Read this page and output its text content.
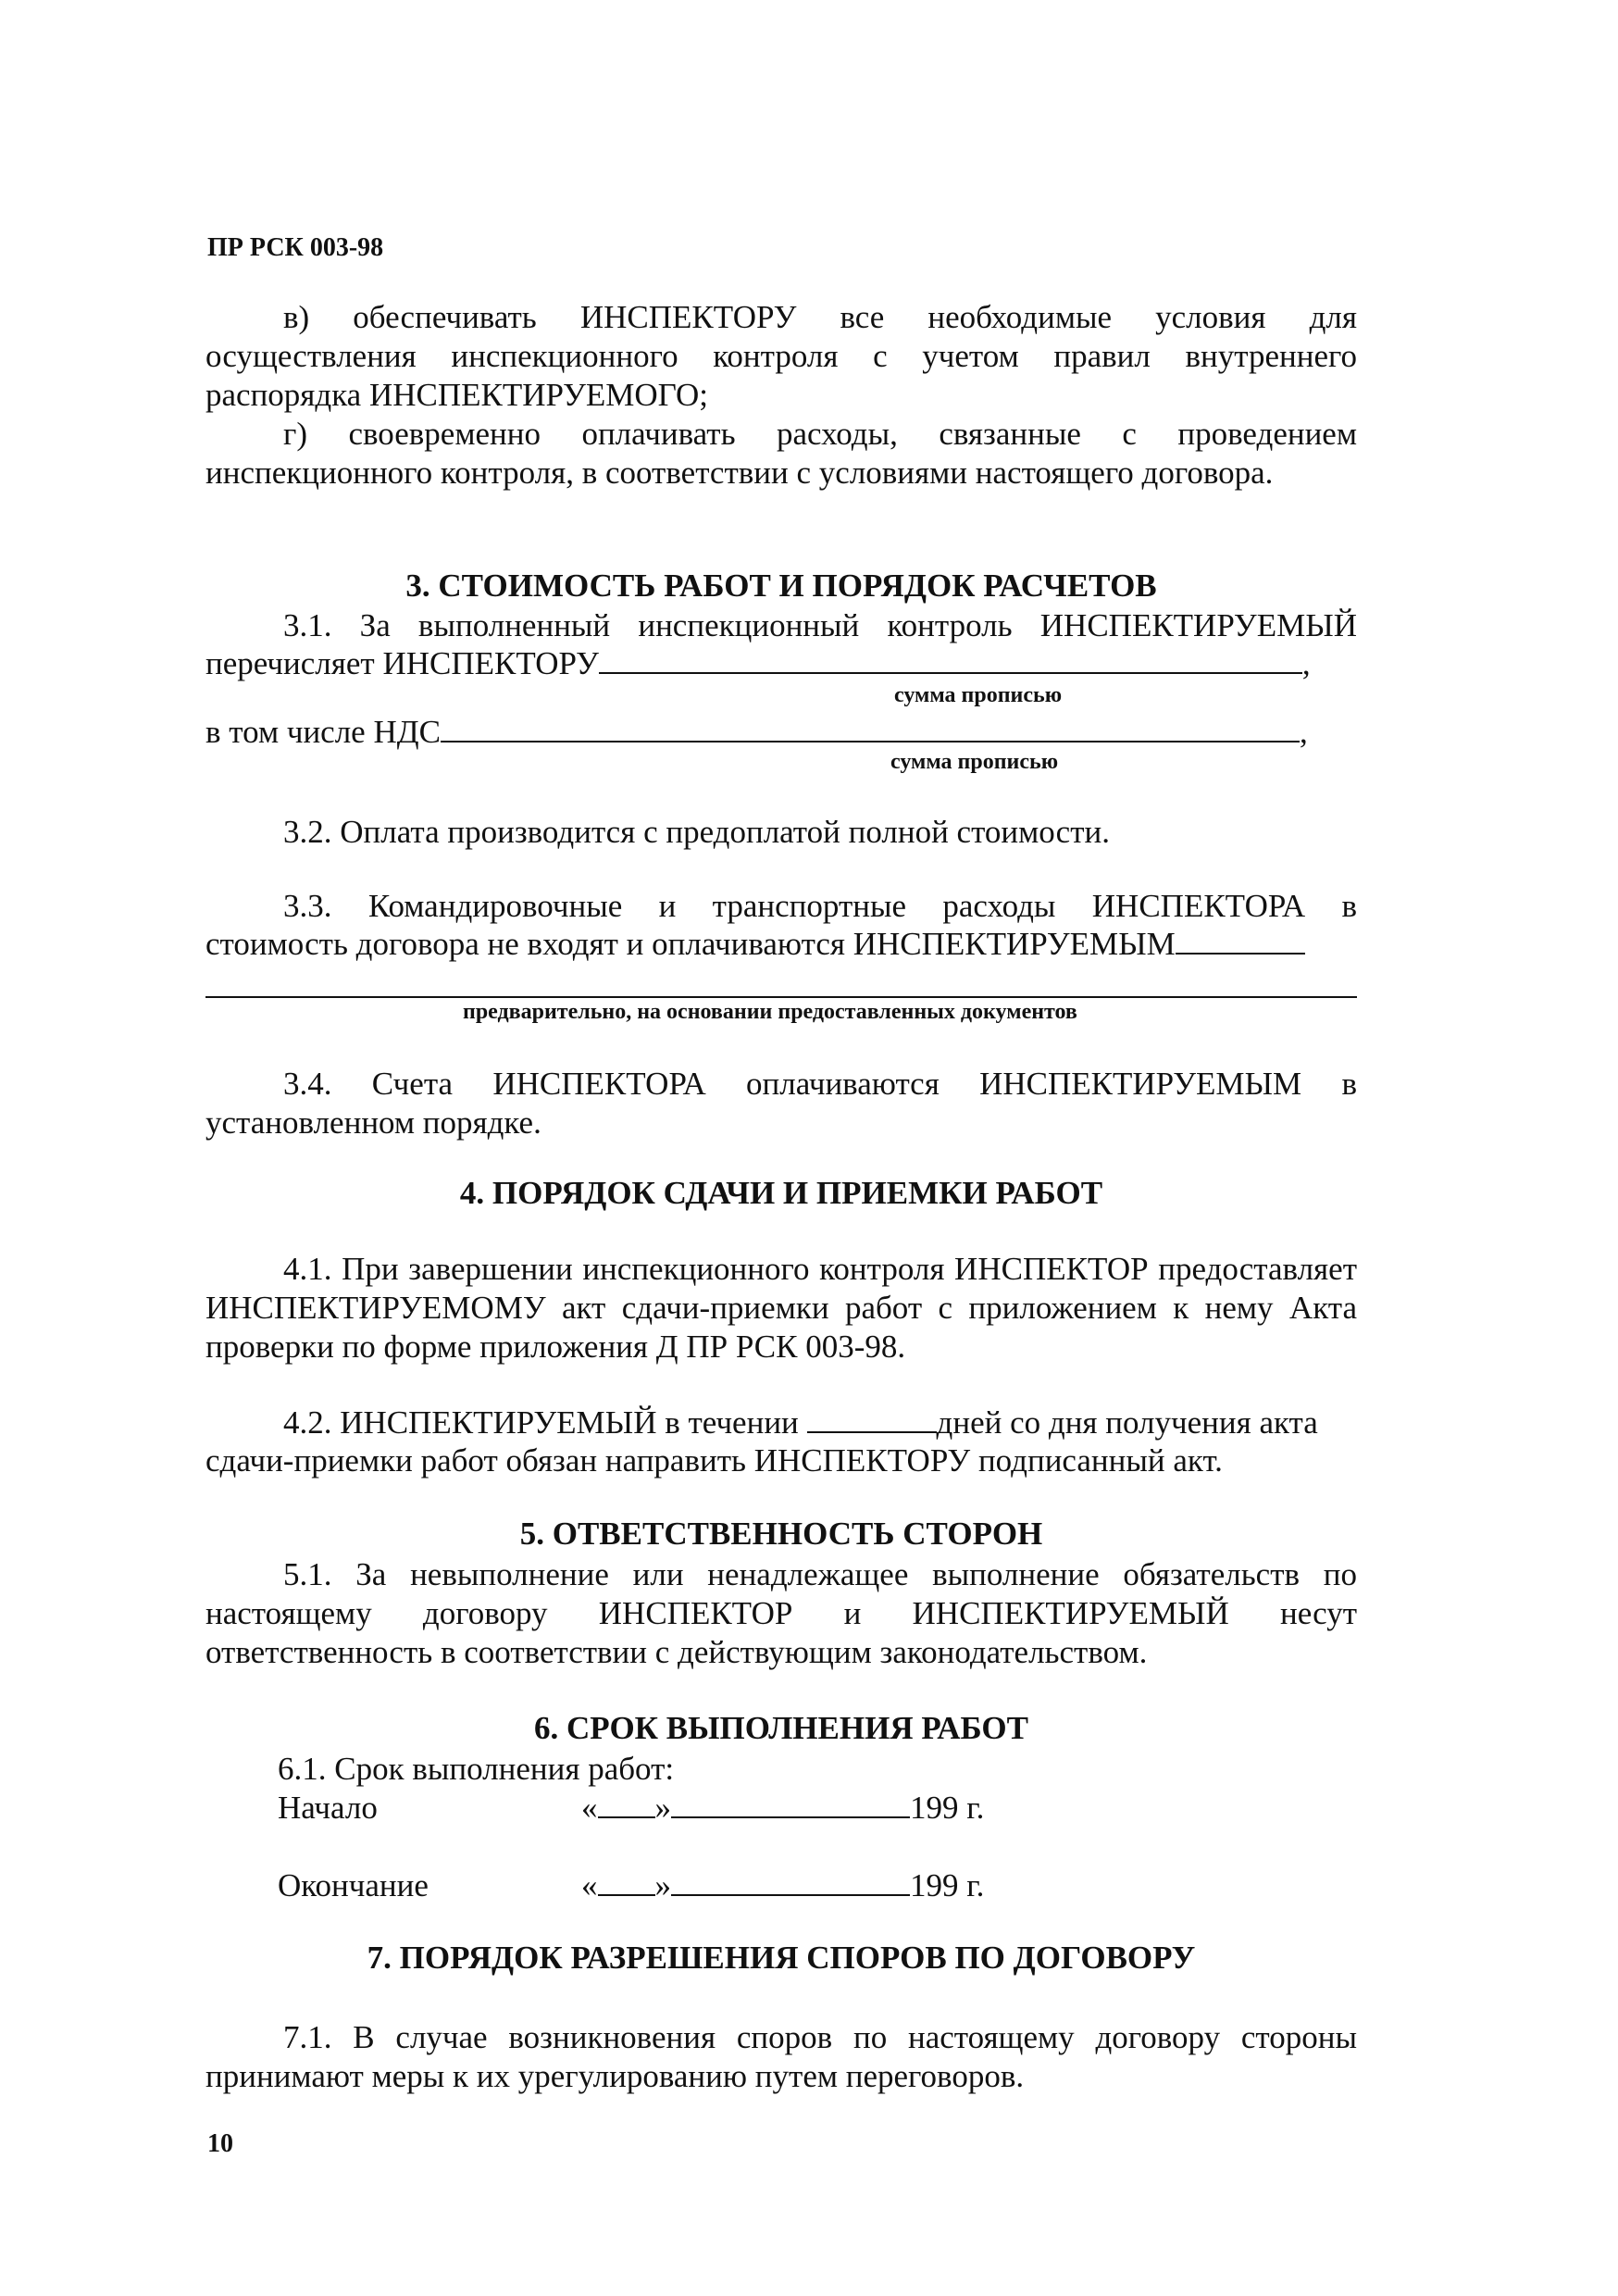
ПР РСК 003-98
в) обеспечивать ИНСПЕКТОРУ все необходимые условия для осуществления инспекционного контроля с учетом правил внутреннего распорядка ИНСПЕКТИРУЕМОГО;
г) своевременно оплачивать расходы, связанные с проведением инспекционного контроля, в соответствии с условиями настоящего договора.
3. СТОИМОСТЬ РАБОТ И ПОРЯДОК РАСЧЕТОВ
3.1. За выполненный инспекционный контроль ИНСПЕКТИРУЕМЫЙ
перечисляет ИНСПЕКТОРУ	,
сумма прописью
в том числе НДС	,
сумма прописью
3.2. Оплата производится с предоплатой полной стоимости.
3.3. Командировочные и транспортные расходы ИНСПЕКТОРА в
стоимость договора не входят и оплачиваются ИНСПЕКТИРУЕМЫМ
предварительно, на основании предоставленных документов
3.4. Счета ИНСПЕКТОРА оплачиваются ИНСПЕКТИРУЕМЫМ в установленном порядке.
4. ПОРЯДОК СДАЧИ И ПРИЕМКИ РАБОТ
4.1. При завершении инспекционного контроля ИНСПЕКТОР предоставляет ИНСПЕКТИРУЕМОМУ акт сдачи-приемки работ с приложением к нему Акта проверки по форме приложения Д ПР РСК 003-98.
4.2. ИНСПЕКТИРУЕМЫЙ в течении	дней со дня получения акта
сдачи-приемки работ обязан направить ИНСПЕКТОРУ подписанный акт.
5. ОТВЕТСТВЕННОСТЬ СТОРОН
5.1. За невыполнение или ненадлежащее выполнение обязательств по настоящему договору ИНСПЕКТОР и ИНСПЕКТИРУЕМЫЙ несут ответственность в соответствии с действующим законодательством.
6. СРОК ВЫПОЛНЕНИЯ РАБОТ
6.1. Срок выполнения работ:
Начало	« »	199 г.
Окончание	« »	199 г.
7. ПОРЯДОК РАЗРЕШЕНИЯ СПОРОВ ПО ДОГОВОРУ
7.1. В случае возникновения споров по настоящему договору стороны принимают меры к их урегулированию путем переговоров.
10
